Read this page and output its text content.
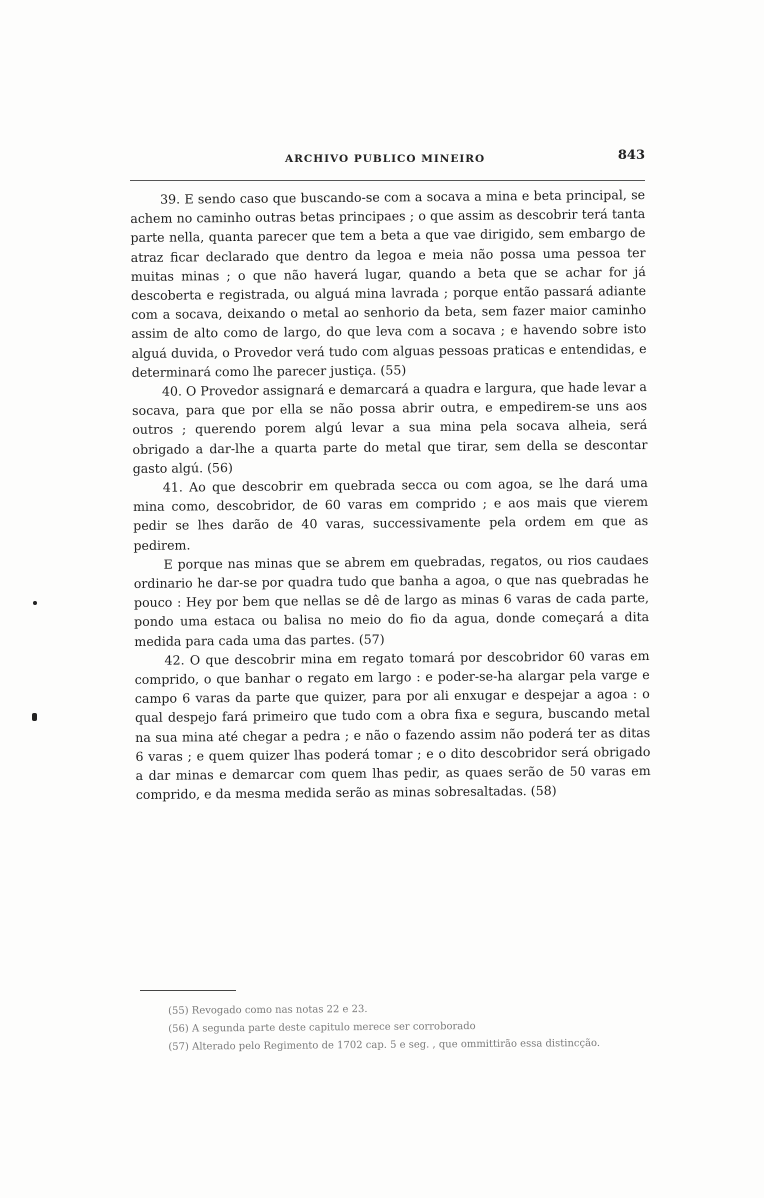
ARCHIVO PUBLICO MINEIRO	843

39. E sendo caso que buscando-se com a socava a mina e beta principal, se achem no caminho outras betas principaes ; o que assim as descobrir terá tanta parte nella, quanta parecer que tem a beta a que vae dirigido, sem embargo de atraz ficar declarado que dentro da legoa e meia não possa uma pessoa ter muitas minas ; o que não haverá lugar, quando a beta que se achar for já descoberta e registrada, ou alguá mina lavrada ; porque então passará adiante com a socava, deixando o metal ao senhorio da beta, sem fazer maior caminho assim de alto como de largo, do que leva com a socava ; e havendo sobre isto alguá duvida, o Provedor verá tudo com alguas pessoas praticas e entendidas, e determinará como lhe parecer justiça. (55)

40. O Provedor assignará e demarcará a quadra e largura, que hade levar a socava, para que por ella se não possa abrir outra, e empedirem-se uns aos outros ; querendo porem algú levar a sua mina pela socava alheia, será obrigado a dar-lhe a quarta parte do metal que tirar, sem della se descontar gasto algú. (56)

41. Ao que descobrir em quebrada secca ou com agoa, se lhe dará uma mina como, descobridor, de 60 varas em comprido ; e aos mais que vierem pedir se lhes darão de 40 varas, successivamente pela ordem em que as pedirem.

E porque nas minas que se abrem em quebradas, regatos, ou rios caudaes ordinario he dar-se por quadra tudo que banha a agoa, o que nas quebradas he pouco : Hey por bem que nellas se dê de largo as minas 6 varas de cada parte, pondo uma estaca ou balisa no meio do fio da agua, donde começará a dita medida para cada uma das partes. (57)

42. O que descobrir mina em regato tomará por descobridor 60 varas em comprido, o que banhar o regato em largo : e poder-se-ha alargar pela varge e campo 6 varas da parte que quizer, para por ali enxugar e despejar a agoa : o qual despejo fará primeiro que tudo com a obra fixa e segura, buscando metal na sua mina até chegar a pedra ; e não o fazendo assim não poderá ter as ditas 6 varas ; e quem quizer lhas poderá tomar ; e o dito descobridor será obrigado a dar minas e demarcar com quem lhas pedir, as quaes serão de 50 varas em comprido, e da mesma medida serão as minas sobresaltadas. (58)

(55) Revogado como nas notas 22 e 23.

(56) A segunda parte deste capitulo merece ser corroborado

(57) Alterado pelo Regimento de 1702 cap. 5 e seg. , que ommittirão essa distincção.
